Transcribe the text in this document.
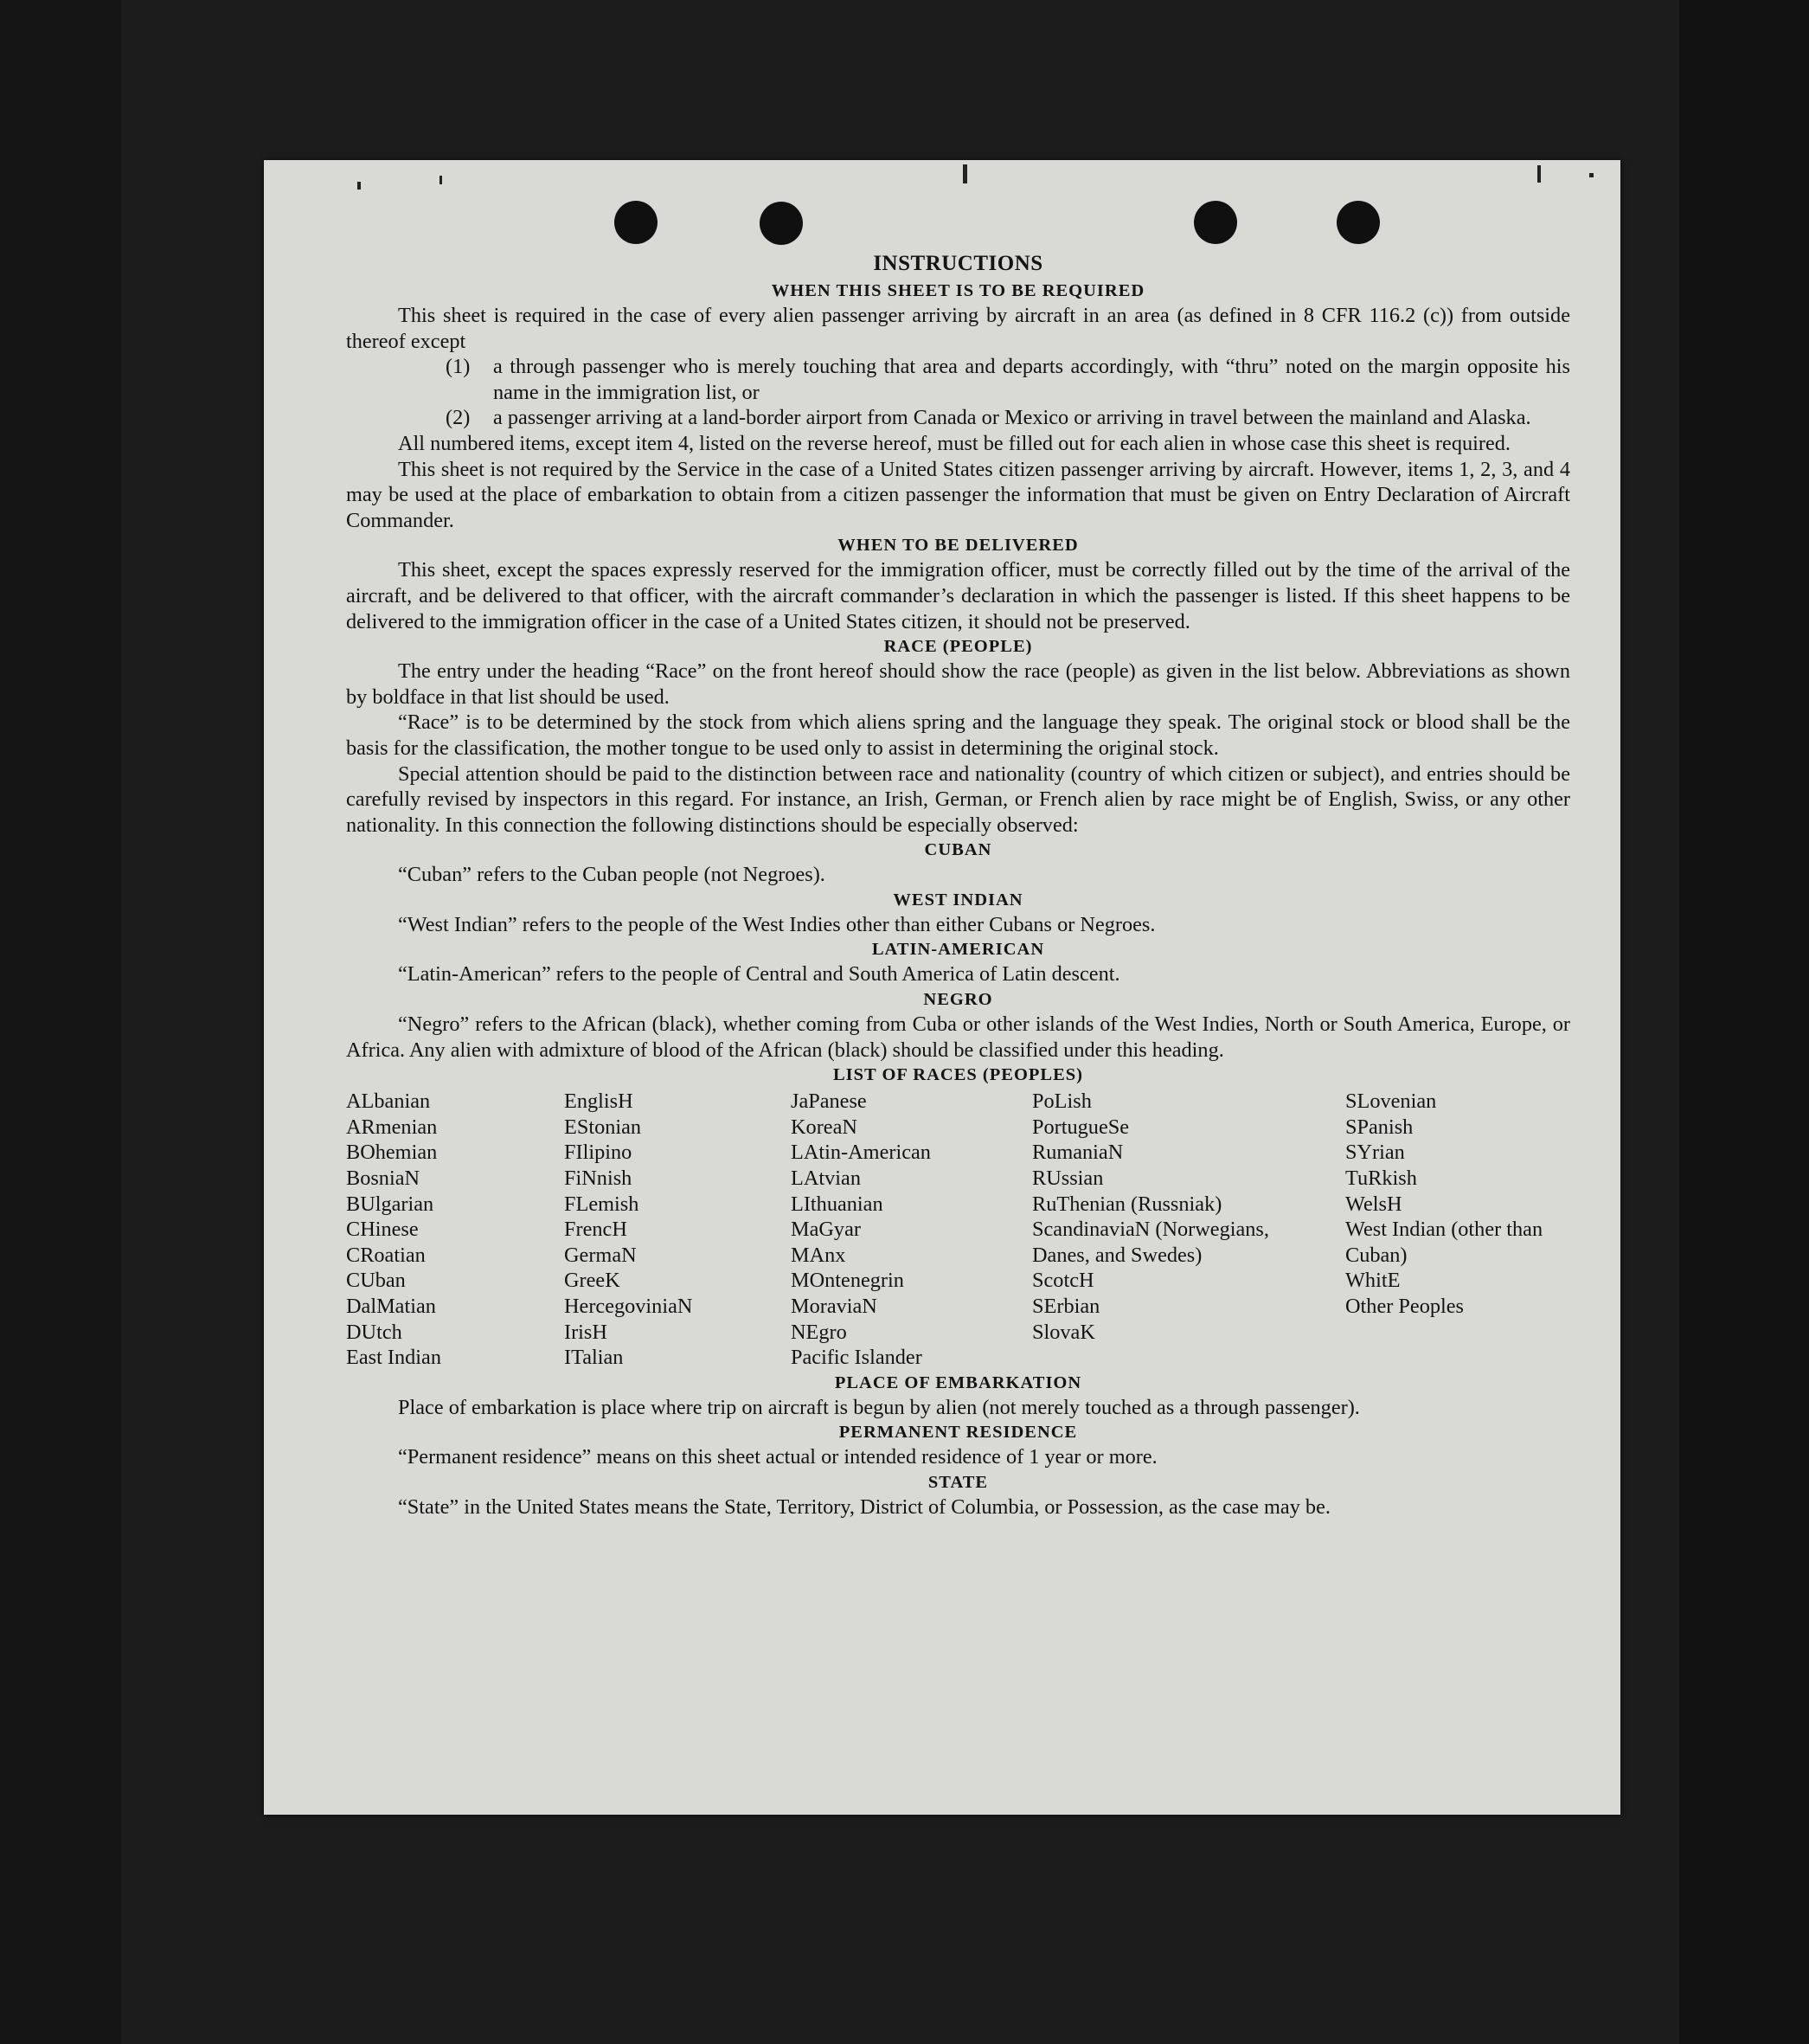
INSTRUCTIONS
WHEN THIS SHEET IS TO BE REQUIRED

This sheet is required in the case of every alien passenger arriving by aircraft in an area (as defined in 8 CFR 116.2 (c)) from outside thereof except

(1) a through passenger who is merely touching that area and departs accordingly, with “thru” noted on the margin opposite his name in the immigration list, or

(2) a passenger arriving at a land-border airport from Canada or Mexico or arriving in travel between the mainland and Alaska.

All numbered items, except item 4, listed on the reverse hereof, must be filled out for each alien in whose case this sheet is required.

This sheet is not required by the Service in the case of a United States citizen passenger arriving by aircraft. However, items 1, 2, 3, and 4 may be used at the place of embarkation to obtain from a citizen passenger the information that must be given on Entry Declaration of Aircraft Commander.

WHEN TO BE DELIVERED

This sheet, except the spaces expressly reserved for the immigration officer, must be correctly filled out by the time of the arrival of the aircraft, and be delivered to that officer, with the aircraft commander’s declaration in which the passenger is listed. If this sheet happens to be delivered to the immigration officer in the case of a United States citizen, it should not be preserved.

RACE (PEOPLE)

The entry under the heading “Race” on the front hereof should show the race (people) as given in the list below. Abbreviations as shown by boldface in that list should be used.

“Race” is to be determined by the stock from which aliens spring and the language they speak. The original stock or blood shall be the basis for the classification, the mother tongue to be used only to assist in determining the original stock.

Special attention should be paid to the distinction between race and nationality (country of which citizen or subject), and entries should be carefully revised by inspectors in this regard. For instance, an Irish, German, or French alien by race might be of English, Swiss, or any other nationality. In this connection the following distinctions should be especially observed:

CUBAN

“Cuban” refers to the Cuban people (not Negroes).

WEST INDIAN

“West Indian” refers to the people of the West Indies other than either Cubans or Negroes.

LATIN-AMERICAN

“Latin-American” refers to the people of Central and South America of Latin descent.

NEGRO

“Negro” refers to the African (black), whether coming from Cuba or other islands of the West Indies, North or South America, Europe, or Africa. Any alien with admixture of blood of the African (black) should be classified under this heading.

LIST OF RACES (PEOPLES)
ALbanian
ARmenian
BOhemian
BosniaN
BUlgarian
CHinese
CRoatian
CUban
DalMatian
DUtch
East Indian
EnglisH
EStonian
FIlipino
FiNnish
FLemish
FrencH
GermaN
GreeK
HercegoviniaN
IrisH
ITalian
JaPanese
KoreaN
LAtin-American
LAtvian
LIthuanian
MaGyar
MAnx
MOntenegrin
MoraviaN
NEgro
Pacific Islander
PoLish
PortugueSe
RumaniaN
RUssian
RuThenian (Russniak)
ScandinaviaN (Norwegians, Danes, and Swedes)
ScotcH
SErbian
SlovaK
SLovenian
SPanish
SYrian
TuRkish
WelsH
West Indian (other than Cuban)
WhitE
Other Peoples
PLACE OF EMBARKATION

Place of embarkation is place where trip on aircraft is begun by alien (not merely touched as a through passenger).

PERMANENT RESIDENCE

“Permanent residence” means on this sheet actual or intended residence of 1 year or more.

STATE

“State” in the United States means the State, Territory, District of Columbia, or Possession, as the case may be.
